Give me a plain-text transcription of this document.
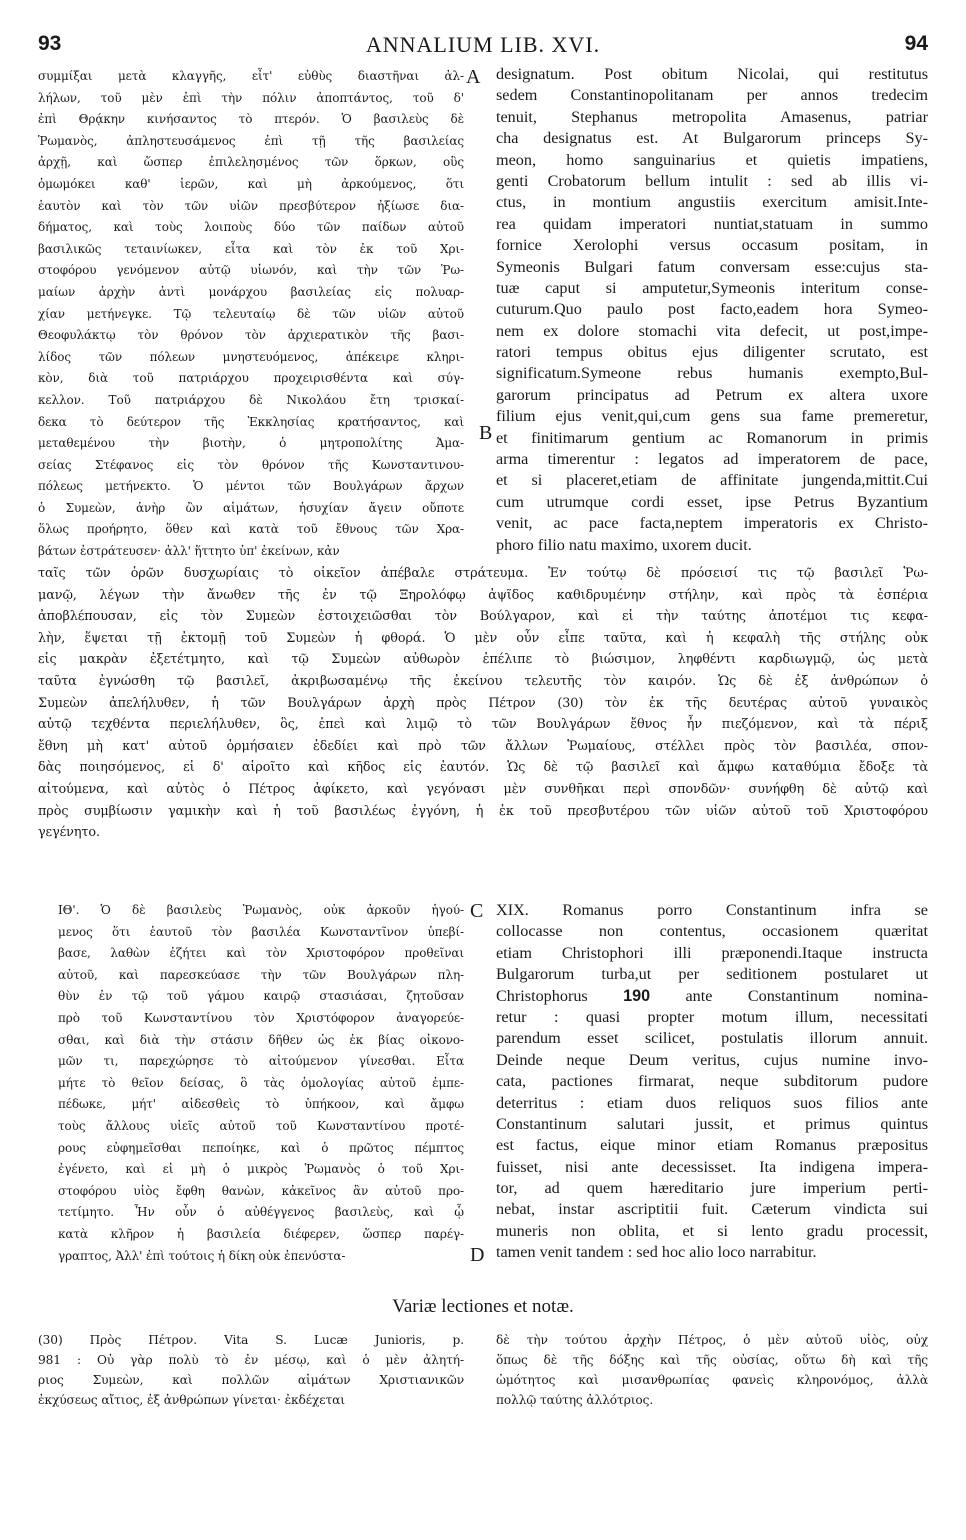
93	ANNALIUM LIB. XVI.	94
συμμίξαι μετὰ κλαγγῆς, εἶτ' εὐθὺς διαστῆναι ἀλ-
λήλων, τοῦ μὲν ἐπὶ τὴν πόλιν ἀποπτάντος, τοῦ δ'
ἐπὶ Θρᾴκην κινήσαντος τὸ πτερόν. Ὁ βασιλεὺς δὲ
Ῥωμανὸς, ἀπληστευσάμενος ἐπὶ τῇ τῆς βασιλείας
ἀρχῇ, καὶ ὥσπερ ἐπιλελησμένος τῶν ὅρκων, οὓς
ὁμωμόκει καθ' ἱερῶν, καὶ μὴ ἀρκούμενος, ὅτι
ἑαυτὸν καὶ τὸν τῶν υἱῶν πρεσβύτερον ἠξίωσε δια-
δήματος, καὶ τοὺς λοιποὺς δύο τῶν παίδων αὐτοῦ
βασιλικῶς τεταινίωκεν, εἶτα καὶ τὸν ἐκ τοῦ Χρι-
στοφόρου γενόμενον αὐτῷ υἱωνόν, καὶ τὴν τῶν Ῥω-
μαίων ἀρχὴν ἀντὶ μονάρχου βασιλείας εἰς πολυαρ-
χίαν μετήνεγκε. Τῷ τελευταίῳ δὲ τῶν υἱῶν αὐτοῦ
Θεοφυλάκτῳ τὸν θρόνον τὸν ἀρχιερατικὸν τῆς βασι-
λίδος τῶν πόλεων μνηστευόμενος, ἀπέκειρε κληρι-
κὸν, διὰ τοῦ πατριάρχου προχειρισθέντα καὶ σύγ-
κελλον. Τοῦ πατριάρχου δὲ Νικολάου ἔτη τρισκαί-
δεκα τὸ δεύτερον τῆς Ἐκκλησίας κρατήσαντος, καὶ
μεταθεμένου τὴν βιοτὴν, ὁ μητροπολίτης Ἀμα-
σείας Στέφανος εἰς τὸν θρόνον τῆς Κωνσταντινου-
πόλεως μετήνεκτο. Ὁ μέντοι τῶν Βουλγάρων ἄρχων
ὁ Συμεὼν, ἀνὴρ ὢν αἱμάτων, ἡσυχίαν ἄγειν οὔποτε
ὅλως προήρητο, ὅθεν καὶ κατὰ τοῦ ἔθνους τῶν Χρα-
βάτων ἐστράτευσεν· ἀλλ' ἥττητο ὑπ' ἐκείνων, κἀν
designatum. Post obitum Nicolai, qui restitutus
sedem Constantinopolitanam per annos tredecim
tenuit, Stephanus metropolita Amasenus, patriar
cha designatus est. At Bulgarorum princeps Sy-
meon, homo sanguinarius et quietis impatiens,
genti Crobatorum bellum intulit : sed ab illis vi-
ctus, in montium angustiis exercitum amisit.Inte-
rea quidam imperatori nuntiat,statuam in summo
fornice Xerolophi versus occasum positam, in
Symeonis Bulgari fatum conversam esse:cujus sta-
tuæ caput si amputetur,Symeonis interitum conse-
cuturum.Quo paulo post facto,eadem hora Symeo-
nem ex dolore stomachi vita defecit, ut post,impe-
ratori tempus obitus ejus diligenter scrutato, est
significatum.Symeone rebus humanis exempto,Bul-
garorum principatus ad Petrum ex altera uxore
filium ejus venit,qui,cum gens sua fame premeretur,
et finitimarum gentium ac Romanorum in primis
arma timerentur : legatos ad imperatorem de pace,
et si placeret,etiam de affinitate jungenda,mittit.Cui
cum utrumque cordi esset, ipse Petrus Byzantium
venit, ac pace facta,neptem imperatoris ex Christo-
phoro filio natu maximo, uxorem ducit.
A
B
C
D
ταῖς τῶν ὁρῶν δυσχωρίαις τὸ οἰκεῖον ἀπέβαλε στράτευμα. Ἐν τούτῳ δὲ πρόσεισί τις τῷ βασιλεῖ Ῥω-
μανῷ, λέγων τὴν ἄνωθεν τῆς ἐν τῷ Ξηρολόφῳ ἀψῖδος καθιδρυμένην στήλην, καὶ πρὸς τὰ ἑσπέρια
ἀποβλέπουσαν, εἰς τὸν Συμεὼν ἐστοιχειῶσθαι τὸν Βούλγαρον, καὶ εἰ τὴν ταύτης ἀποτέμοι τις κεφα-
λὴν, ἕψεται τῇ ἐκτομῇ τοῦ Συμεὼν ἡ φθορά. Ὁ μὲν οὖν εἶπε ταῦτα, καὶ ἡ κεφαλὴ τῆς στήλης οὐκ
εἰς μακρὰν ἐξετέτμητο, καὶ τῷ Συμεὼν αὐθωρὸν ἐπέλιπε τὸ βιώσιμον, ληφθέντι καρδιωγμῷ, ὡς μετὰ
ταῦτα ἐγνώσθη τῷ βασιλεῖ, ἀκριβωσαμένῳ τῆς ἐκείνου τελευτῆς τὸν καιρόν. Ὡς δὲ ἐξ ἀνθρώπων ὁ
Συμεὼν ἀπελήλυθεν, ἡ τῶν Βουλγάρων ἀρχὴ πρὸς Πέτρον (30) τὸν ἐκ τῆς δευτέρας αὐτοῦ γυναικὸς
αὐτῷ τεχθέντα περιελήλυθεν, ὃς, ἐπεὶ καὶ λιμῷ τὸ τῶν Βουλγάρων ἔθνος ἦν πιεζόμενον, καὶ τὰ πέριξ
ἔθνη μὴ κατ' αὐτοῦ ὁρμήσαιεν ἐδεδίει καὶ πρὸ τῶν ἄλλων Ῥωμαίους, στέλλει πρὸς τὸν βασιλέα, σπον-
δὰς ποιησόμενος, εἰ δ' αἱροῖτο καὶ κῆδος εἰς ἑαυτόν. Ὡς δὲ τῷ βασιλεῖ καὶ ἄμφω καταθύμια ἔδοξε τὰ
αἰτούμενα, καὶ αὐτὸς ὁ Πέτρος ἀφίκετο, καὶ γεγόνασι μὲν συνθῆκαι περὶ σπονδῶν· συνήφθη δὲ αὐτῷ καὶ
πρὸς συμβίωσιν γαμικὴν καὶ ἡ τοῦ βασιλέως ἐγγόνη, ἡ ἐκ τοῦ πρεσβυτέρου τῶν υἱῶν αὐτοῦ τοῦ Χριστοφόρου
γεγένητο.
ΙΘ'. Ὁ δὲ βασιλεὺς Ῥωμανὸς, οὐκ ἀρκοῦν ἡγού-
μενος ὅτι ἑαυτοῦ τὸν βασιλέα Κωνσταντῖνον ὑπεβί-
βασε, λαθὼν ἐζήτει καὶ τὸν Χριστοφόρον προθεῖναι
αὐτοῦ, καὶ παρεσκεύασε τὴν τῶν Βουλγάρων πλη-
θὺν ἐν τῷ τοῦ γάμου καιρῷ στασιάσαι, ζητοῦσαν
πρὸ τοῦ Κωνσταντίνου τὸν Χριστόφορον ἀναγορεύε-
σθαι, καὶ διὰ τὴν στάσιν δῆθεν ὡς ἐκ βίας οἰκονο-
μῶν τι, παρεχώρησε τὸ αἰτούμενον γίνεσθαι. Εἶτα
μήτε τὸ θεῖον δείσας, ὃ τὰς ὁμολογίας αὐτοῦ ἐμπε-
πέδωκε, μήτ' αἰδεσθεὶς τὸ ὑπήκοον, καὶ ἄμφω
τοὺς ἄλλους υἱεῖς αὐτοῦ τοῦ Κωνσταντίνου προτέ-
ρους εὐφημεῖσθαι πεποίηκε, καὶ ὁ πρῶτος πέμπτος
ἐγένετο, καὶ εἰ μὴ ὁ μικρὸς Ῥωμανὸς ὁ τοῦ Χρι-
στοφόρου υἱὸς ἔφθη θανὼν, κἀκεῖνος ἂν αὐτοῦ προ-
τετίμητο. Ἦν οὖν ὁ αὐθέγγενος βασιλεὺς, καὶ ᾧ
κατὰ κλῆρον ἡ βασιλεία διέφερεν, ὥσπερ παρέγ-
γραπτος, Ἀλλ' ἐπὶ τούτοις ἡ δίκη οὐκ ἐπενύστα-
XIX. Romanus porro Constantinum infra se
collocasse non contentus, occasionem quæritat
etiam Christophori illi præponendi.Itaque instructa
Bulgarorum turba,ut per seditionem postularet ut
Christophorus 190 ante Constantinum nomina-
retur : quasi propter motum illum, necessitati
parendum esset scilicet, postulatis illorum annuit.
Deinde neque Deum veritus, cujus numine invo-
cata, pactiones firmarat, neque subditorum pudore
deterritus : etiam duos reliquos suos filios ante
Constantinum salutari jussit, et primus quintus
est factus, eique minor etiam Romanus præpositus
fuisset, nisi ante decessisset. Ita indigena impera-
tor, ad quem hæreditario jure imperium perti-
nebat, instar ascriptitii fuit. Cæterum vindicta sui
muneris non oblita, et si lento gradu processit,
tamen venit tandem : sed hoc alio loco narrabitur.
Variæ lectiones et notæ.
(30) Πρὸς Πέτρον. Vita S. Lucæ Junioris, p.
981 : Οὐ γὰρ πολὺ τὸ ἐν μέσῳ, καὶ ὁ μὲν ἀλητή-
ριος Συμεὼν, καὶ πολλῶν αἱμάτων Χριστιανικῶν
ἐκχύσεως αἴτιος, ἐξ ἀνθρώπων γίνεται· ἐκδέχεται
δὲ τὴν τούτου ἀρχὴν Πέτρος, ὁ μὲν αὐτοῦ υἱὸς, οὐχ
ὅπως δὲ τῆς δόξης καὶ τῆς οὐσίας, οὕτω δὴ καὶ τῆς
ὠμότητος καὶ μισανθρωπίας φανεὶς κληρονόμος, ἀλλὰ
πολλῷ ταύτης ἀλλότριος.
